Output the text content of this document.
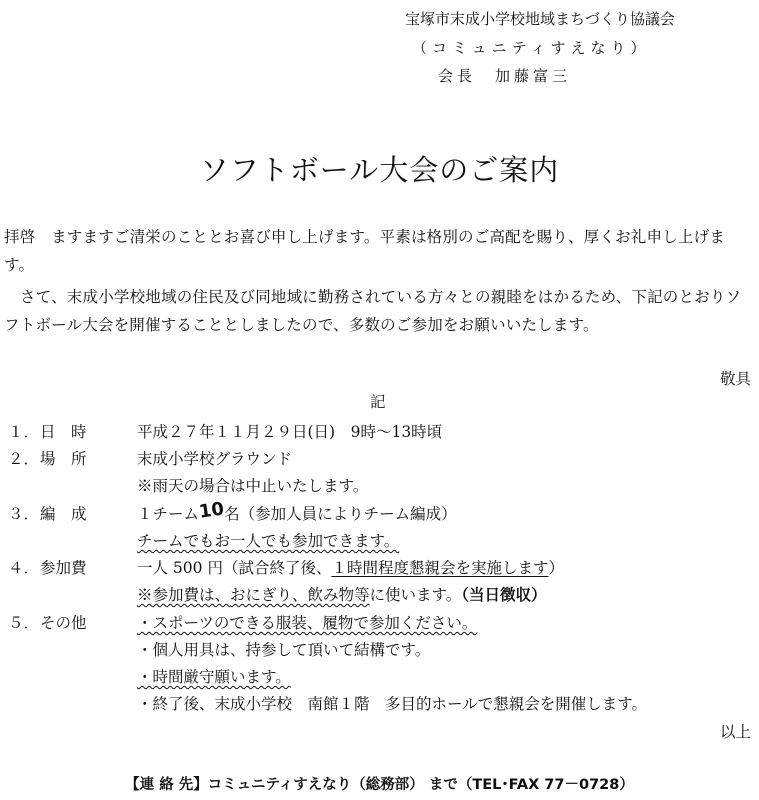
宝塚市末成小学校地域まちづくり協議会
（コミュニティすえなり）
会長　加藤富三
ソフトボール大会のご案内
拝啓　ますますご清栄のこととお喜び申し上げます。平素は格別のご高配を賜り、厚くお礼申し上げます。
さて、末成小学校地域の住民及び同地域に勤務されている方々との親睦をはかるため、下記のとおりソフトボール大会を開催することとしましたので、多数のご参加をお願いいたします。
敬具
記
１． 日　時	平成２７年１１月２９日(日)　9時～13時頃
２． 場　所	末成小学校グラウンド
※雨天の場合は中止いたします。
３． 編　成	１チーム10名（参加人員によりチーム編成）
チームでもお一人でも参加できます。
４． 参加費	一人 500 円（試合終了後、１時間程度懇親会を実施します）
※参加費は、おにぎり、飲み物等に使います。（当日徴収）
５． その他	・スポーツのできる服装、履物で参加ください。
・個人用具は、持参して頂いて結構です。
・時間厳守願います。
・終了後、末成小学校　南館１階　多目的ホールで懇親会を開催します。
以上
【連 絡 先】コミュニティすえなり（総務部） まで（TEL･FAX 77－0728）
